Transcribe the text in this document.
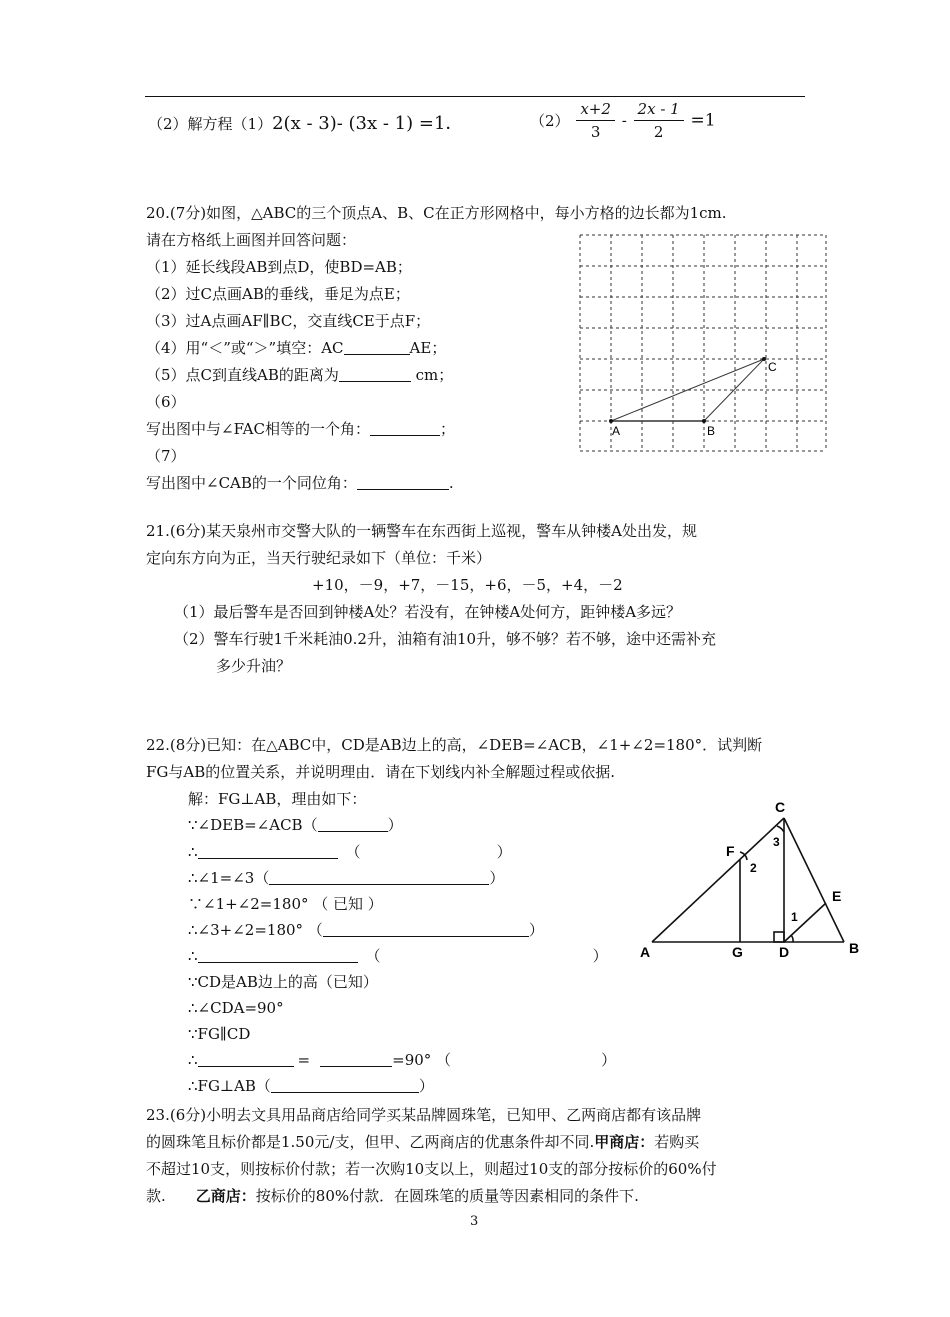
（2）解方程（1）2(x - 3)- (3x - 1) =1．	$(2) \frac{x+2}{3} - \frac{2x - 1}{2} =1$
20.(7分)如图，△ABC的三个顶点A、B、C在正方形网格中，每小方格的边长都为1cm.
请在方格纸上画图并回答问题：
（1）延长线段AB到点D，使BD=AB；
（2）过C点画AB的垂线，垂足为点E；
（3）过A点画AF∥BC，交直线CE于点F；
（4）用“＜”或“＞”填空：AC	AE；
（5）点C到直线AB的距离为	cm；
（6）
写出图中与∠FAC相等的一个角：	；
（7）
写出图中∠CAB的一个同位角：	.
A	B
C
21.(6分)某天泉州市交警大队的一辆警车在东西街上巡视，警车从钟楼A处出发，规
定向东方向为正，当天行驶纪录如下（单位：千米）
+10，－9，+7，－15，+6，－5，+4，－2
（1）最后警车是否回到钟楼A处？若没有，在钟楼A处何方，距钟楼A多远？
（2）警车行驶1千米耗油0.2升，油箱有油10升，够不够？若不够，途中还需补充
多少升油？
22.(8分)已知：在△ABC中，CD是AB边上的高，∠DEB=∠ACB，∠1+∠2=180°．试判断
FG与AB的位置关系，并说明理由．请在下划线内补全解题过程或依据.
解：FG⊥AB，理由如下：
∵∠DEB=∠ACB（	）
∴	（	）
∴∠1=∠3（	）
∵∠1+∠2=180° （ 已知 ）
∴∠3+∠2=180° （	）
∴	（	）
∵CD是AB边上的高（已知）
∴∠CDA=90°
∵FG∥CD
∴	=	=90° （	）
∴FG⊥AB（	）
C
F
2
3
E
1
A	G	D	B
23.(6分)小明去文具用品商店给同学买某品牌圆珠笔，已知甲、乙两商店都有该品牌
的圆珠笔且标价都是1.50元/支，但甲、乙两商店的优惠条件却不同.甲商店：若购买
不超过10支，则按标价付款；若一次购10支以上，则超过10支的部分按标价的60%付
款. 乙商店：按标价的80%付款．在圆珠笔的质量等因素相同的条件下.
3
